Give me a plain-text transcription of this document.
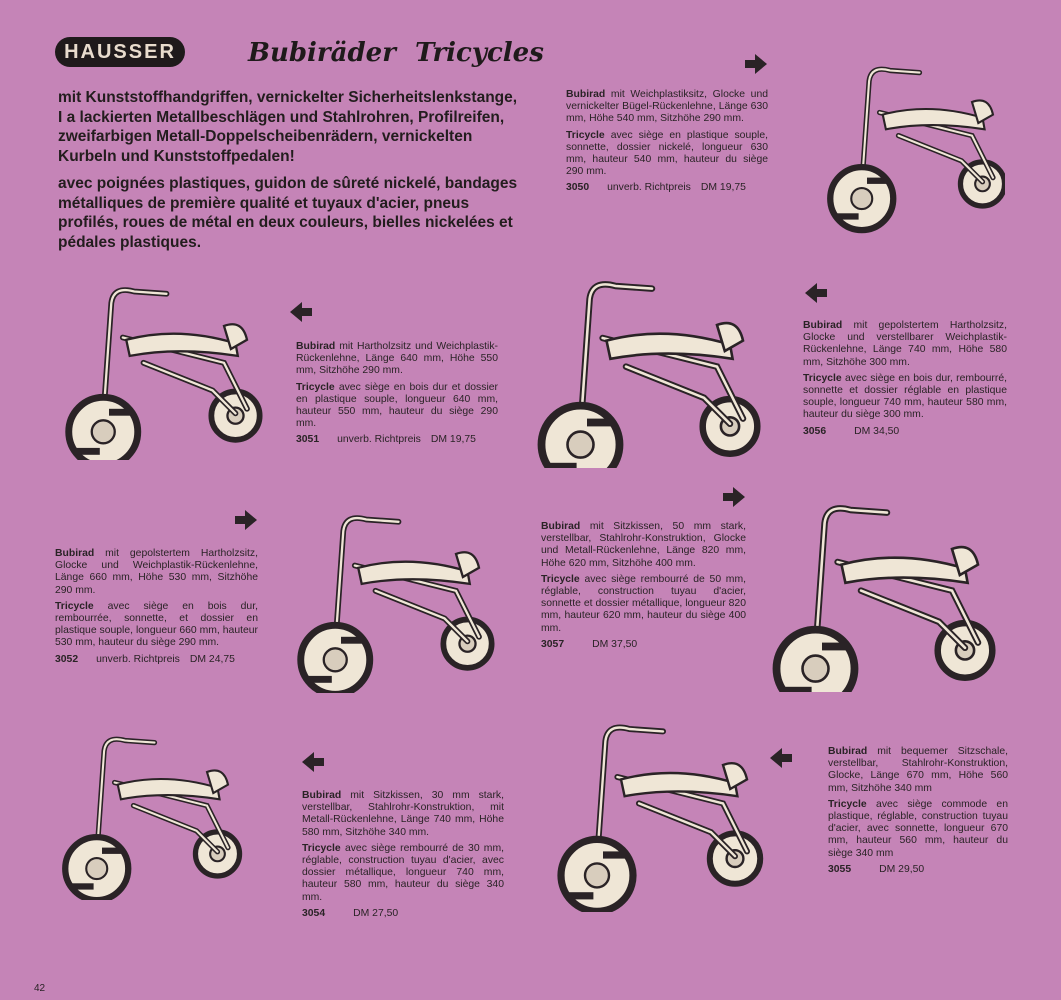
HAUSSER	Bubiräder Tricycles

mit Kunststoffhandgriffen, vernickelter Sicherheitslenkstange, I a lackierten Metallbeschlägen und Stahlrohren, Profilreifen, zweifarbigen Metall-Doppelscheibenrädern, vernickelten Kurbeln und Kunststoffpedalen!

avec poignées plastiques, guidon de sûreté nickelé, bandages métalliques de première qualité et tuyaux d'acier, pneus profilés, roues de métal en deux couleurs, bielles nickelées et pédales plastiques.

Bubirad mit Weichplastiksitz, Glocke und vernickelter Bügel-Rückenlehne, Länge 630 mm, Höhe 540 mm, Sitzhöhe 290 mm.

Tricycle avec siège en plastique souple, sonnette, dossier nickelé, longueur 630 mm, hauteur 540 mm, hauteur du siège 290 mm.

3050 unverb. Richtpreis DM 19,75

Bubirad mit Hartholzsitz und Weichplastik-Rückenlehne, Länge 640 mm, Höhe 550 mm, Sitzhöhe 290 mm.

Tricycle avec siège en bois dur et dossier en plastique souple, longueur 640 mm, hauteur 550 mm, hauteur du siège 290 mm.

3051 unverb. Richtpreis DM 19,75

Bubirad mit gepolstertem Hartholzsitz, Glocke und verstellbarer Weichplastik-Rückenlehne, Länge 740 mm, Höhe 580 mm, Sitzhöhe 300 mm.

Tricycle avec siège en bois dur, rembourré, sonnette et dossier réglable en plastique souple, longueur 740 mm, hauteur 580 mm, hauteur du siège 300 mm.

3056	DM 34,50

Bubirad mit gepolstertem Hartholzsitz, Glocke und Weichplastik-Rückenlehne, Länge 660 mm, Höhe 530 mm, Sitzhöhe 290 mm.

Tricycle avec siège en bois dur, rembourrée, sonnette, et dossier en plastique souple, longueur 660 mm, hauteur 530 mm, hauteur du siège 290 mm.

3052 unverb. Richtpreis DM 24,75

Bubirad mit Sitzkissen, 50 mm stark, verstellbar, Stahlrohr-Konstruktion, Glocke und Metall-Rückenlehne, Länge 820 mm, Höhe 620 mm, Sitzhöhe 400 mm.

Tricycle avec siège rembourré de 50 mm, réglable, construction tuyau d'acier, sonnette et dossier métallique, longueur 820 mm, hauteur 620 mm, hauteur du siège 400 mm.

3057	DM 37,50

Bubirad mit Sitzkissen, 30 mm stark, verstellbar, Stahlrohr-Konstruktion, mit Metall-Rückenlehne, Länge 740 mm, Höhe 580 mm, Sitzhöhe 340 mm.

Tricycle avec siège rembourré de 30 mm, réglable, construction tuyau d'acier, avec dossier métallique, longueur 740 mm, hauteur 580 mm, hauteur du siège 340 mm.

3054	DM 27,50

Bubirad mit bequemer Sitzschale, verstellbar, Stahlrohr-Konstruktion, Glocke, Länge 670 mm, Höhe 560 mm, Sitzhöhe 340 mm

Tricycle avec siège commode en plastique, réglable, construction tuyau d'acier, avec sonnette, longueur 670 mm, hauteur 560 mm, hauteur du siège 340 mm

3055	DM 29,50
42
